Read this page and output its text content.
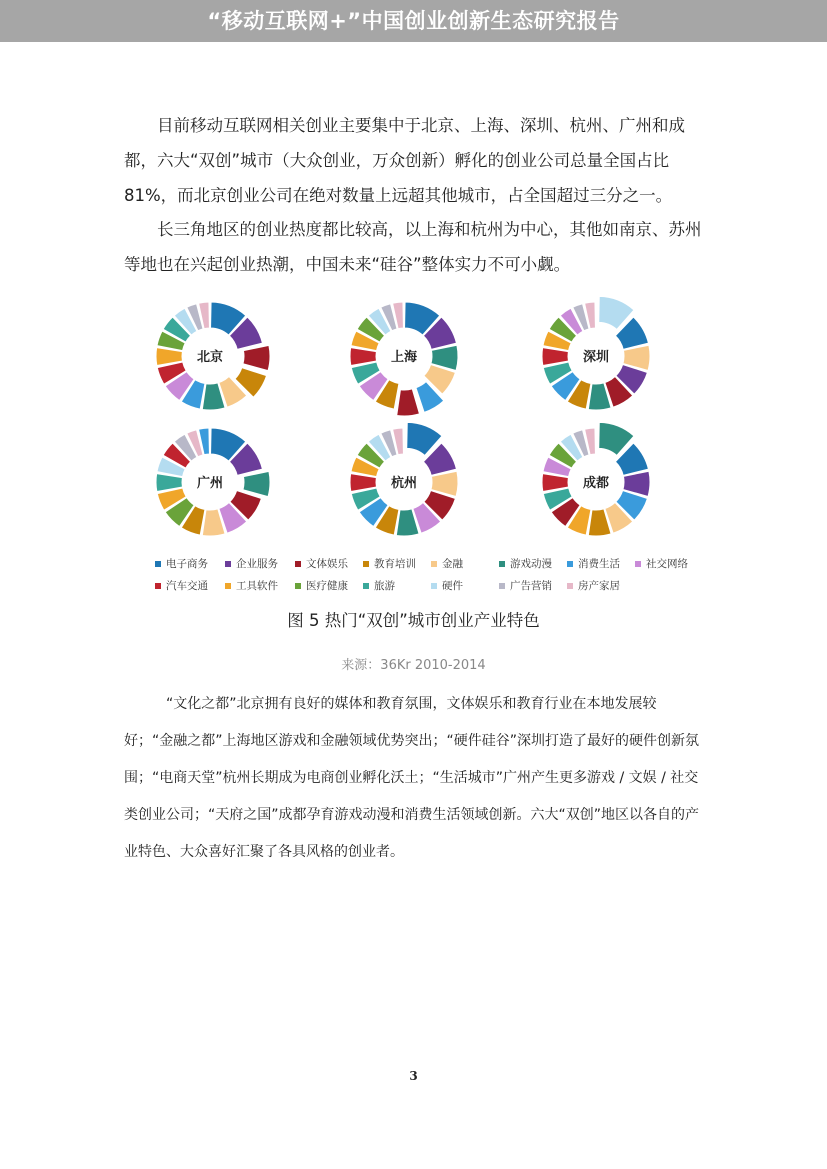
“移动互联网+”中国创业创新生态研究报告

目前移动互联网相关创业主要集中于北京、上海、深圳、杭州、广州和成都，六大“双创”城市（大众创业，万众创新）孵化的创业公司总量全国占比 81%，而北京创业公司在绝对数量上远超其他城市，占全国超过三分之一。

长三角地区的创业热度都比较高，以上海和杭州为中心，其他如南京、苏州等地也在兴起创业热潮，中国未来“硅谷”整体实力不可小觑。

北京	上海	深圳
广州	杭州	成都
电子商务	企业服务	文体娱乐 教育培训 金融	游戏动漫 消费生活 社交网络
汽车交通	工具软件	医疗健康 旅游	硬件	广告营销 房产家居
图 5 热门“双创”城市创业产业特色
来源：36Kr 2010-2014

“文化之都”北京拥有良好的媒体和教育氛围，文体娱乐和教育行业在本地发展较好；“金融之都”上海地区游戏和金融领域优势突出；“硬件硅谷”深圳打造了最好的硬件创新氛围；“电商天堂”杭州长期成为电商创业孵化沃土；“生活城市”广州产生更多游戏 / 文娱 / 社交类创业公司；“天府之国”成都孕育游戏动漫和消费生活领域创新。六大“双创”地区以各自的产业特色、大众喜好汇聚了各具风格的创业者。

3
